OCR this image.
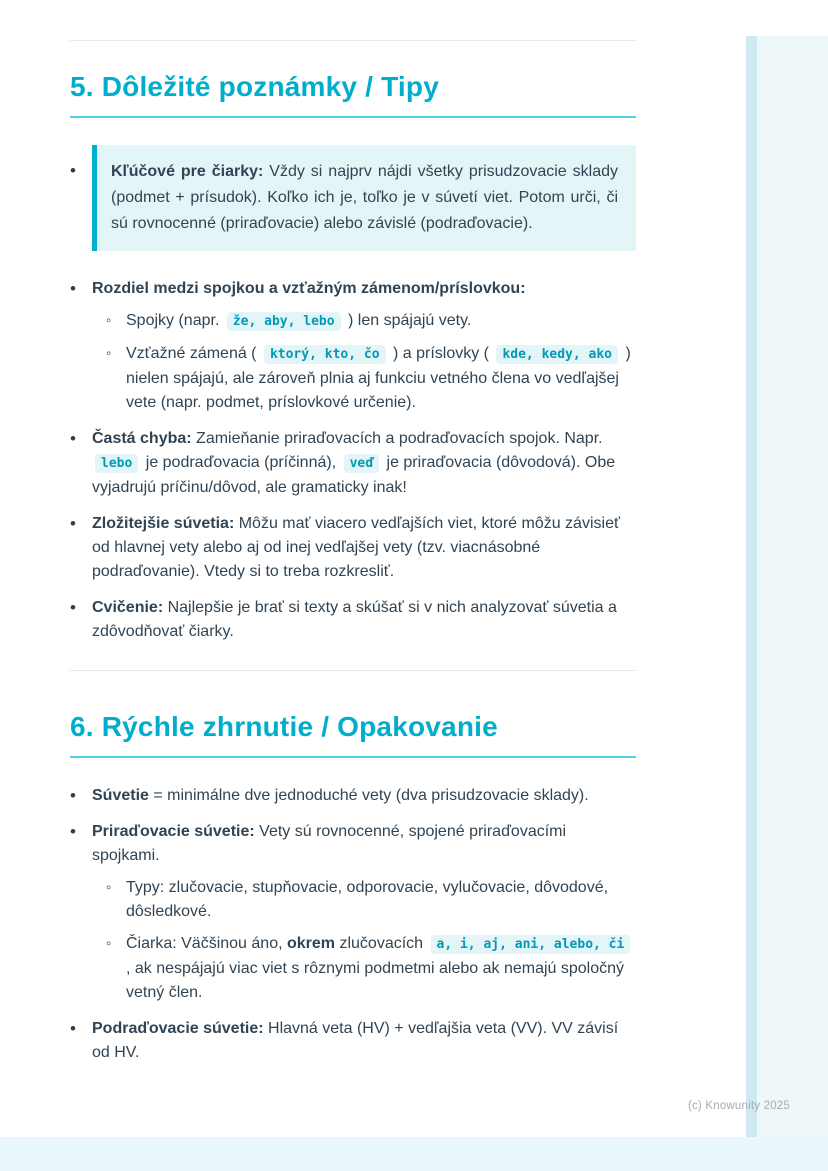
5. Dôležité poznámky / Tipy
•	Kľúčové pre čiarky: Vždy si najprv nájdi všetky prisudzovacie sklady (podmet + prísudok). Koľko ich je, toľko je v súvetí viet. Potom urči, či sú rovnocenné (priraďovacie) alebo závislé (podraďovacie).

•	Rozdiel medzi spojkou a vzťažným zámenom/príslovkou:

◦ Spojky (napr. že, aby, lebo ) len spájajú vety.

◦ Vzťažné zámená ( ktorý, kto, čo ) a príslovky ( kde, kedy, ako ) nielen spájajú, ale zároveň plnia aj funkciu vetného člena vo vedľajšej vete (napr. podmet, príslovkové určenie).

•	Častá chyba: Zamieňanie priraďovacích a podraďovacích spojok. Napr. lebo je podraďovacia (príčinná), veď je priraďovacia (dôvodová). Obe vyjadrujú príčinu/dôvod, ale gramaticky inak!

•	Zložitejšie súvetia: Môžu mať viacero vedľajších viet, ktoré môžu závisieť od hlavnej vety alebo aj od inej vedľajšej vety (tzv. viacnásobné podraďovanie). Vtedy si to treba rozkresliť.

•	Cvičenie: Najlepšie je brať si texty a skúšať si v nich analyzovať súvetia a zdôvodňovať čiarky.

6. Rýchle zhrnutie / Opakovanie
•	Súvetie = minimálne dve jednoduché vety (dva prisudzovacie sklady).

•	Priraďovacie súvetie: Vety sú rovnocenné, spojené priraďovacími spojkami.

◦ Typy: zlučovacie, stupňovacie, odporovacie, vylučovacie, dôvodové, dôsledkové.

◦ Čiarka: Väčšinou áno, okrem zlučovacích a, i, aj, ani, alebo, či , ak nespájajú viac viet s rôznymi podmetmi alebo ak nemajú spoločný vetný člen.

•	Podraďovacie súvetie: Hlavná veta (HV) + vedľajšia veta (VV). VV závisí od HV.

(c) Knowunity 2025
